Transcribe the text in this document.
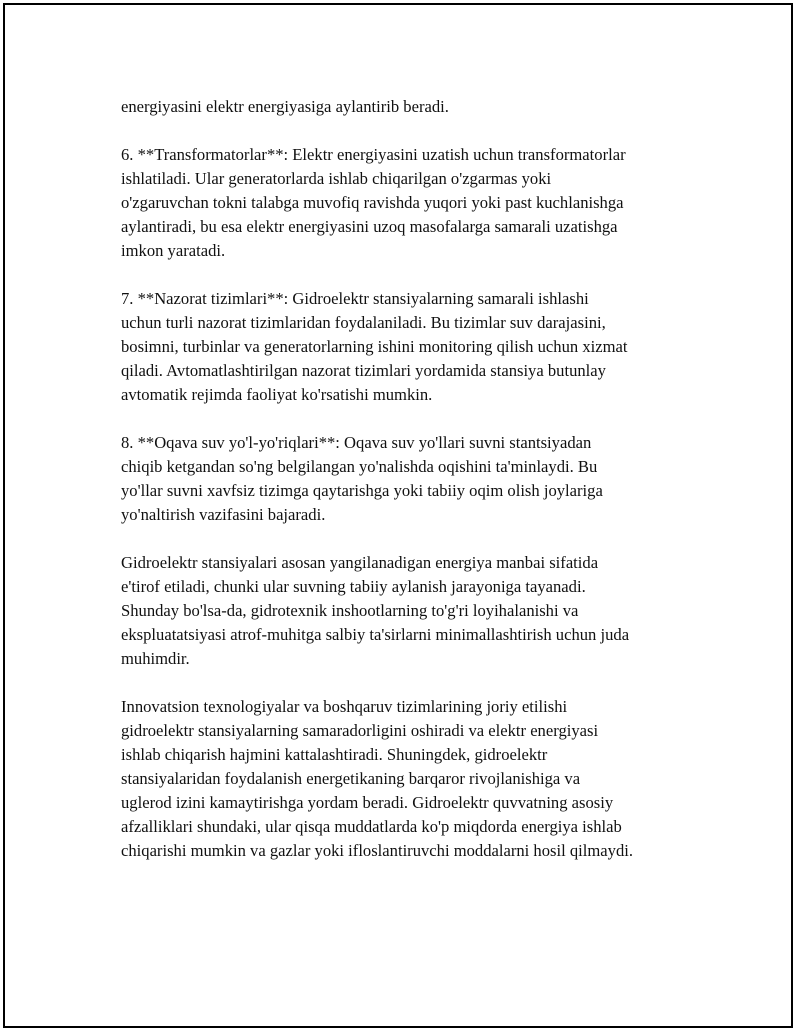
energiyasini elektr energiyasiga aylantirib beradi.

6. **Transformatorlar**: Elektr energiyasini uzatish uchun transformatorlar
ishlatiladi. Ular generatorlarda ishlab chiqarilgan o'zgarmas yoki
o'zgaruvchan tokni talabga muvofiq ravishda yuqori yoki past kuchlanishga
aylantiradi, bu esa elektr energiyasini uzoq masofalarga samarali uzatishga
imkon yaratadi.

7. **Nazorat tizimlari**: Gidroelektr stansiyalarning samarali ishlashi
uchun turli nazorat tizimlaridan foydalaniladi. Bu tizimlar suv darajasini,
bosimni, turbinlar va generatorlarning ishini monitoring qilish uchun xizmat
qiladi. Avtomatlashtirilgan nazorat tizimlari yordamida stansiya butunlay
avtomatik rejimda faoliyat ko'rsatishi mumkin.

8. **Oqava suv yo'l-yo'riqlari**: Oqava suv yo'llari suvni stantsiyadan
chiqib ketgandan so'ng belgilangan yo'nalishda oqishini ta'minlaydi. Bu
yo'llar suvni xavfsiz tizimga qaytarishga yoki tabiiy oqim olish joylariga
yo'naltirish vazifasini bajaradi.

Gidroelektr stansiyalari asosan yangilanadigan energiya manbai sifatida
e'tirof etiladi, chunki ular suvning tabiiy aylanish jarayoniga tayanadi.
Shunday bo'lsa-da, gidrotexnik inshootlarning to'g'ri loyihalanishi va
ekspluatatsiyasi atrof-muhitga salbiy ta'sirlarni minimallashtirish uchun juda
muhimdir.

Innovatsion texnologiyalar va boshqaruv tizimlarining joriy etilishi
gidroelektr stansiyalarning samaradorligini oshiradi va elektr energiyasi
ishlab chiqarish hajmini kattalashtiradi. Shuningdek, gidroelektr
stansiyalaridan foydalanish energetikaning barqaror rivojlanishiga va
uglerod izini kamaytirishga yordam beradi. Gidroelektr quvvatning asosiy
afzalliklari shundaki, ular qisqa muddatlarda ko'p miqdorda energiya ishlab
chiqarishi mumkin va gazlar yoki ifloslantiruvchi moddalarni hosil qilmaydi.
